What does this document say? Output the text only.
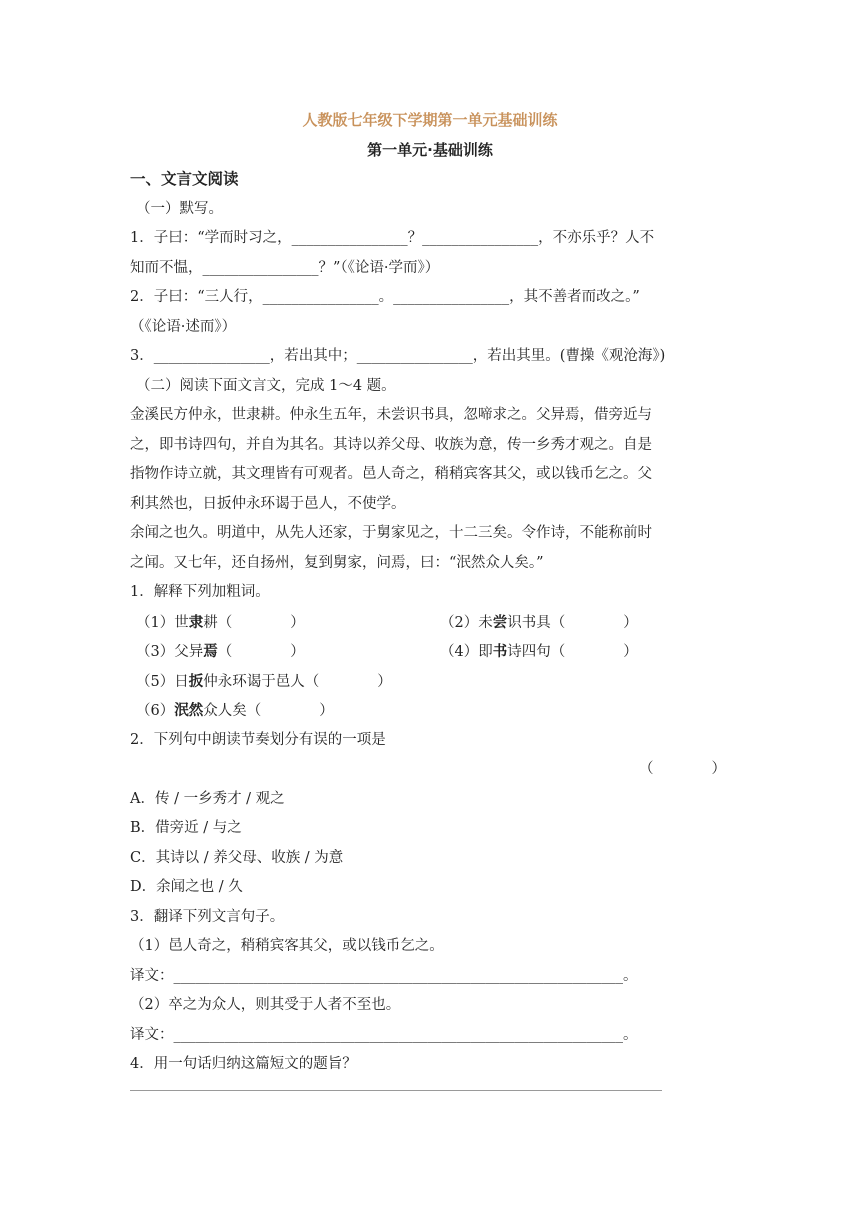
人教版七年级下学期第一单元基础训练
第一单元·基础训练
一、文言文阅读
（一）默写。
1．子曰：“学而时习之，________________？________________，不亦乐乎？人不
知而不愠，________________？”（《论语·学而》）
2．子曰：“三人行，________________。________________，其不善者而改之。”
（《论语·述而》）
3．________________，若出其中；________________，若出其里。(曹操《观沧海》)
（二）阅读下面文言文，完成 1～4 题。
金溪民方仲永，世隶耕。仲永生五年，未尝识书具，忽啼求之。父异焉，借旁近与
之，即书诗四句，并自为其名。其诗以养父母、收族为意，传一乡秀才观之。自是
指物作诗立就，其文理皆有可观者。邑人奇之，稍稍宾客其父，或以钱币乞之。父
利其然也，日扳仲永环谒于邑人，不使学。
余闻之也久。明道中，从先人还家，于舅家见之，十二三矣。令作诗，不能称前时
之闻。又七年，还自扬州，复到舅家，问焉，曰：“泯然众人矣。”
1．解释下列加粗词。
（1）世隶耕（　　　　）	（2）未尝识书具（　　　　）
（3）父异焉（　　　　）	（4）即书诗四句（　　　　）
（5）日扳仲永环谒于邑人（　　　　）
（6）泯然众人矣（　　　　）
2．下列句中朗读节奏划分有误的一项是
（　　　　）
A．传 / 一乡秀才 / 观之
B．借旁近 / 与之
C．其诗以 / 养父母、收族 / 为意
D．余闻之也 / 久
3．翻译下列文言句子。
（1）邑人奇之，稍稍宾客其父，或以钱币乞之。
译文：______________________________________________________________。
（2）卒之为众人，则其受于人者不至也。
译文：______________________________________________________________。
4．用一句话归纳这篇短文的题旨？
